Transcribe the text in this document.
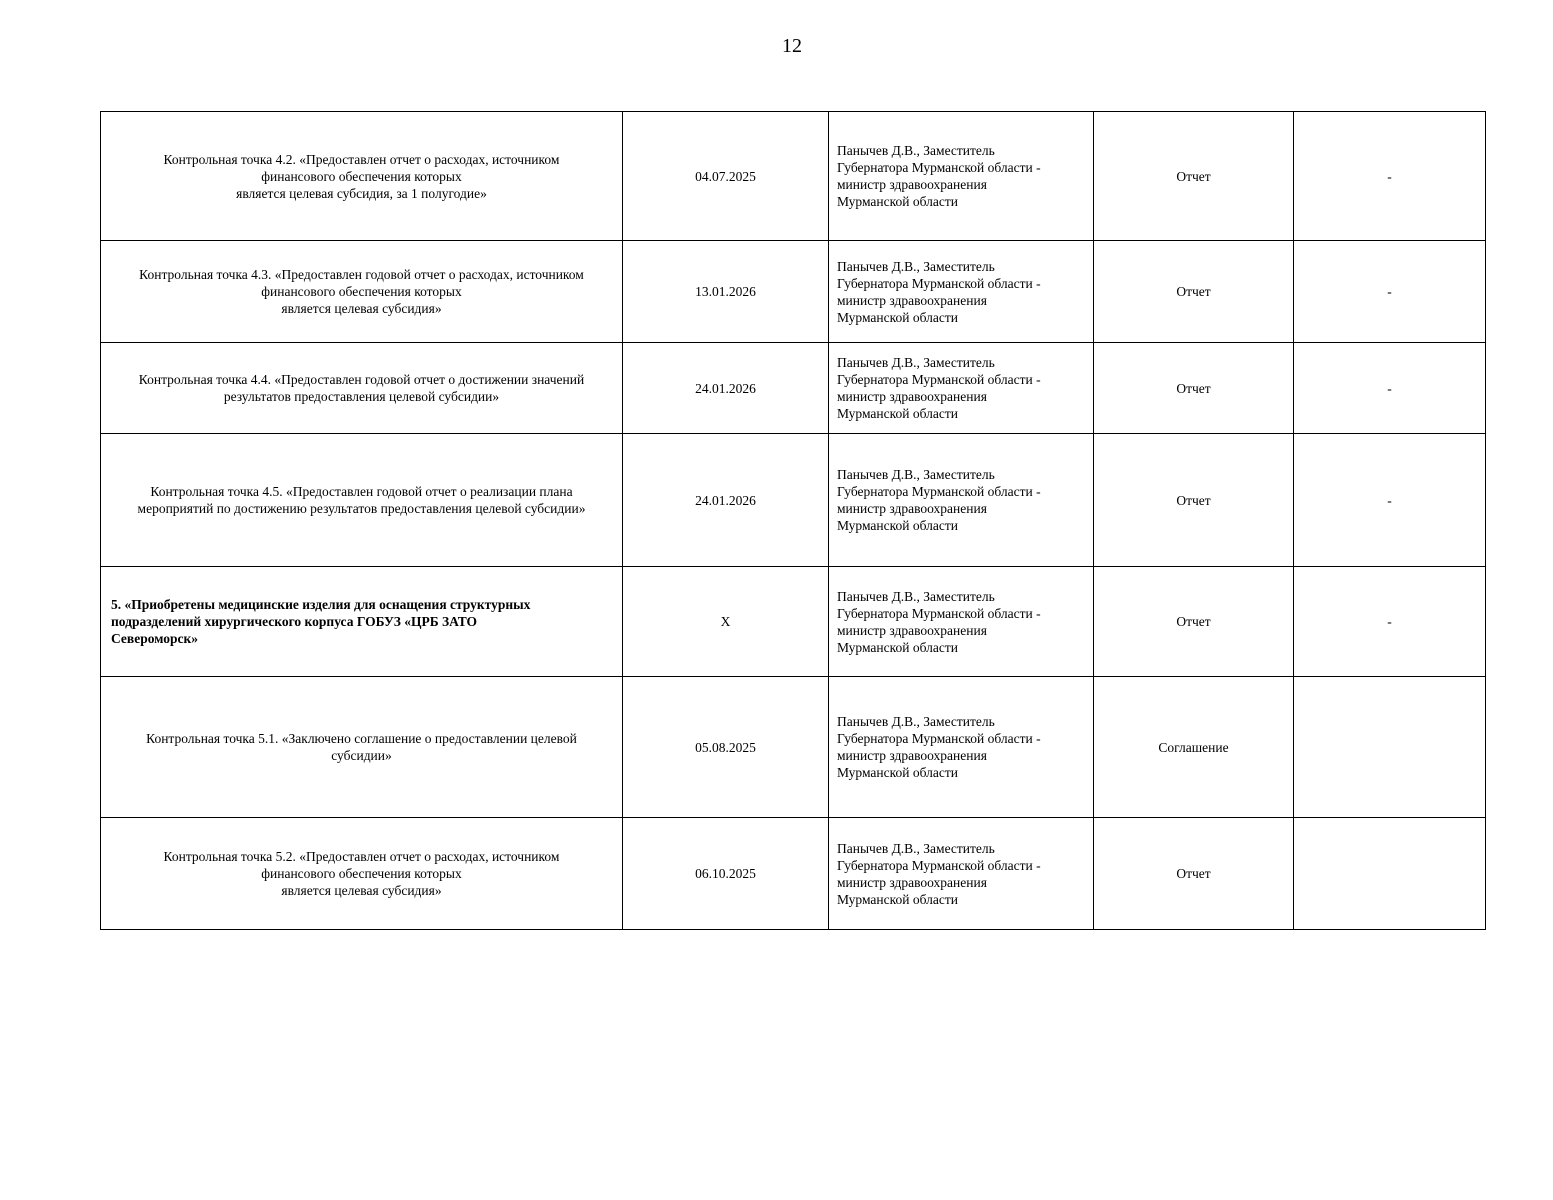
12
Контрольная точка 4.2. «Предоставлен отчет о расходах, источником
финансового обеспечения которых
является целевая субсидия, за 1 полугодие»	04.07.2025	Панычев Д.В., Заместитель
Губернатора Мурманской области -
министр здравоохранения
Мурманской области	Отчет	-
Контрольная точка 4.3. «Предоставлен годовой отчет о расходах, источником
финансового обеспечения которых
является целевая субсидия»	13.01.2026	Панычев Д.В., Заместитель
Губернатора Мурманской области -
министр здравоохранения
Мурманской области	Отчет	-
Контрольная точка 4.4. «Предоставлен годовой отчет о достижении значений
результатов предоставления целевой субсидии»	24.01.2026	Панычев Д.В., Заместитель
Губернатора Мурманской области -
министр здравоохранения
Мурманской области	Отчет	-
Контрольная точка 4.5. «Предоставлен годовой отчет о реализации плана
мероприятий по достижению результатов предоставления целевой субсидии»	24.01.2026	Панычев Д.В., Заместитель
Губернатора Мурманской области -
министр здравоохранения
Мурманской области	Отчет	-
5. «Приобретены медицинские изделия для оснащения структурных
подразделений хирургического корпуса ГОБУЗ «ЦРБ ЗАТО
Североморск»	X	Панычев Д.В., Заместитель
Губернатора Мурманской области -
министр здравоохранения
Мурманской области	Отчет	-
Контрольная точка 5.1. «Заключено соглашение о предоставлении целевой
субсидии»	05.08.2025	Панычев Д.В., Заместитель
Губернатора Мурманской области -
министр здравоохранения
Мурманской области	Соглашение	
Контрольная точка 5.2. «Предоставлен отчет о расходах, источником
финансового обеспечения которых
является целевая субсидия»	06.10.2025	Панычев Д.В., Заместитель
Губернатора Мурманской области -
министр здравоохранения
Мурманской области	Отчет	
